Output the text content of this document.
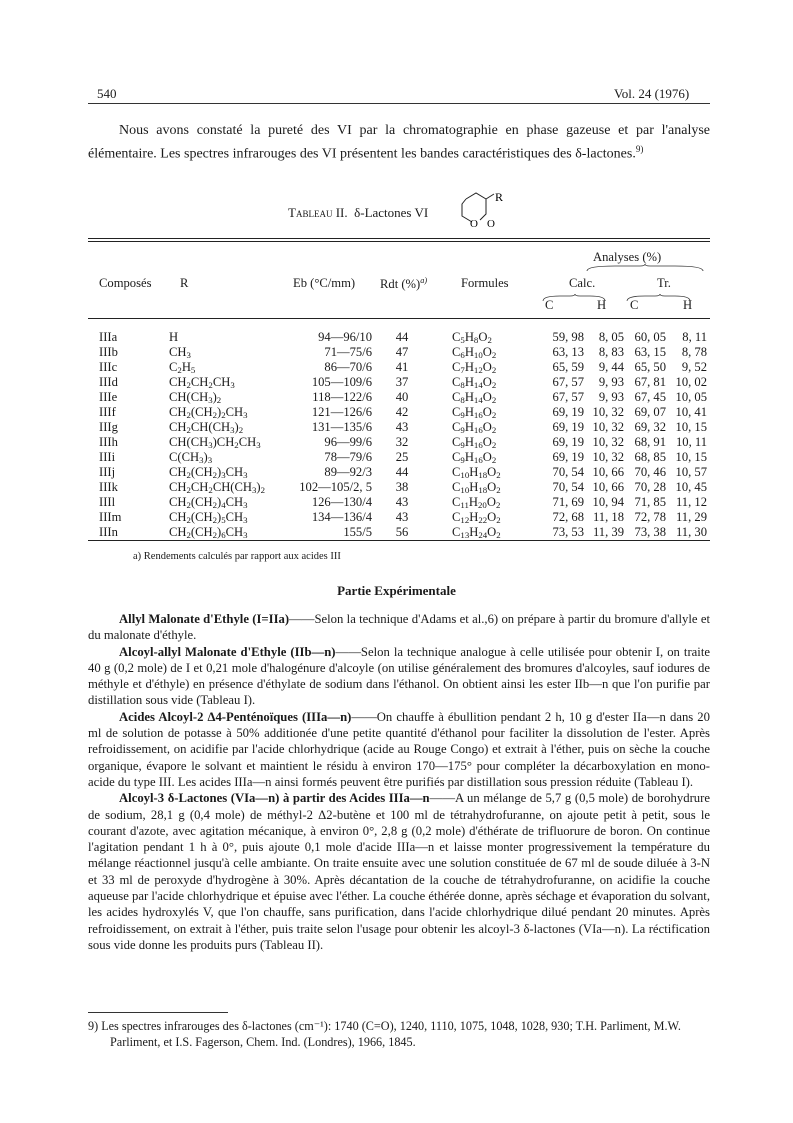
540	Vol. 24 (1976)

Nous avons constaté la pureté des VI par la chromatographie en phase gazeuse et par l'analyse élémentaire. Les spectres infrarouges des VI présentent les bandes caractéristiques des δ-lactones.$^{9)}$

Tableau II. δ-Lactones VI
R
O O
Analyses (%)
Composés R	Eb (°C/mm) Rdt (%)$^{a)}$	Formules	Calc.	Tr.
C	H C	H
IIIa	H	94—96/10	44	$C_5H_8O_2$	59, 98	8, 05	60, 05	8, 11
IIIb	$CH_3$	71—75/6	47	$C_6H_{10}O_2$	63, 13	8, 83	63, 15	8, 78
IIIc	$C_2H_5$	86—70/6	41	$C_7H_{12}O_2$	65, 59	9, 44	65, 50	9, 52
IIId	$CH_2CH_2CH_3$	105—109/6	37	$C_8H_{14}O_2$	67, 57	9, 93	67, 81	10, 02
IIIe	$CH(CH_3)_2$	118—122/6	40	$C_8H_{14}O_2$	67, 57	9, 93	67, 45	10, 05
IIIf	$CH_2(CH_2)_2CH_3$	121—126/6	42	$C_9H_{16}O_2$	69, 19	10, 32	69, 07	10, 41
IIIg	$CH_2CH(CH_3)_2$	131—135/6	43	$C_9H_{16}O_2$	69, 19	10, 32	69, 32	10, 15
IIIh	$CH(CH_3)CH_2CH_3$	96—99/6	32	$C_9H_{16}O_2$	69, 19	10, 32	68, 91	10, 11
IIIi	$C(CH_3)_3$	78—79/6	25	$C_9H_{16}O_2$	69, 19	10, 32	68, 85	10, 15
IIIj	$CH_2(CH_2)_3CH_3$	89—92/3	44	$C_{10}H_{18}O_2$	70, 54	10, 66	70, 46	10, 57
IIIk	$CH_2CH_2CH(CH_3)_2$	102—105/2, 5	38	$C_{10}H_{18}O_2$	70, 54	10, 66	70, 28	10, 45
IIIl	$CH_2(CH_2)_4CH_3$	126—130/4	43	$C_{11}H_{20}O_2$	71, 69	10, 94	71, 85	11, 12
IIIm	$CH_2(CH_2)_5CH_3$	134—136/4	43	$C_{12}H_{22}O_2$	72, 68	11, 18	72, 78	11, 29
IIIn	$CH_2(CH_2)_6CH_3$	155/5	56	$C_{13}H_{24}O_2$	73, 53	11, 39	73, 38	11, 30
a) Rendements calculés par rapport aux acides III
Partie Expérimentale

Allyl Malonate d'Ethyle (I=IIa)——Selon la technique d'Adams et al.,6) on prépare à partir du bromure d'allyle et du malonate d'éthyle.

Alcoyl-allyl Malonate d'Ethyle (IIb—n)——Selon la technique analogue à celle utilisée pour obtenir I, on traite 40 g (0,2 mole) de I et 0,21 mole d'halogénure d'alcoyle (on utilise généralement des bromures d'alcoyles, sauf iodures de méthyle et d'éthyle) en présence d'éthylate de sodium dans l'éthanol. On obtient ainsi les ester IIb—n que l'on purifie par distillation sous vide (Tableau I).

Acides Alcoyl-2 Δ4-Penténoïques (IIIa—n)——On chauffe à ébullition pendant 2 h, 10 g d'ester IIa—n dans 20 ml de solution de potasse à 50% additionée d'une petite quantité d'éthanol pour faciliter la dissolution de l'ester. Après refroidissement, on acidifie par l'acide chlorhydrique (acide au Rouge Congo) et extrait à l'éther, puis on sèche la couche organique, évapore le solvant et maintient le résidu à environ 170—175° pour compléter la décarboxylation en mono-acide du type III. Les acides IIIa—n ainsi formés peuvent être purifiés par distillation sous pression réduite (Tableau I).

Alcoyl-3 δ-Lactones (VIa—n) à partir des Acides IIIa—n——A un mélange de 5,7 g (0,5 mole) de borohydrure de sodium, 28,1 g (0,4 mole) de méthyl-2 Δ2-butène et 100 ml de tétrahydrofuranne, on ajoute petit à petit, sous le courant d'azote, avec agitation mécanique, à environ 0°, 2,8 g (0,2 mole) d'éthérate de trifluorure de boron. On continue l'agitation pendant 1 h à 0°, puis ajoute 0,1 mole d'acide IIIa—n et laisse monter progressivement la température du mélange réactionnel jusqu'à celle ambiante. On traite ensuite avec une solution constituée de 67 ml de soude diluée à 3-N et 33 ml de peroxyde d'hydrogène à 30%. Après décantation de la couche de tétrahydrofuranne, on acidifie la couche aqueuse par l'acide chlorhydrique et épuise avec l'éther. La couche éthérée donne, après séchage et évaporation du solvant, les acides hydroxylés V, que l'on chauffe, sans purification, dans l'acide chlorhydrique dilué pendant 20 minutes. Après refroidissement, on extrait à l'éther, puis traite selon l'usage pour obtenir les alcoyl-3 δ-lactones (VIa—n). La réctification sous vide donne les produits purs (Tableau II).

9) Les spectres infrarouges des δ-lactones (cm⁻¹): 1740 (C=O), 1240, 1110, 1075, 1048, 1028, 930; T.H. Parliment, M.W. Parliment, et I.S. Fagerson, Chem. Ind. (Londres), 1966, 1845.
